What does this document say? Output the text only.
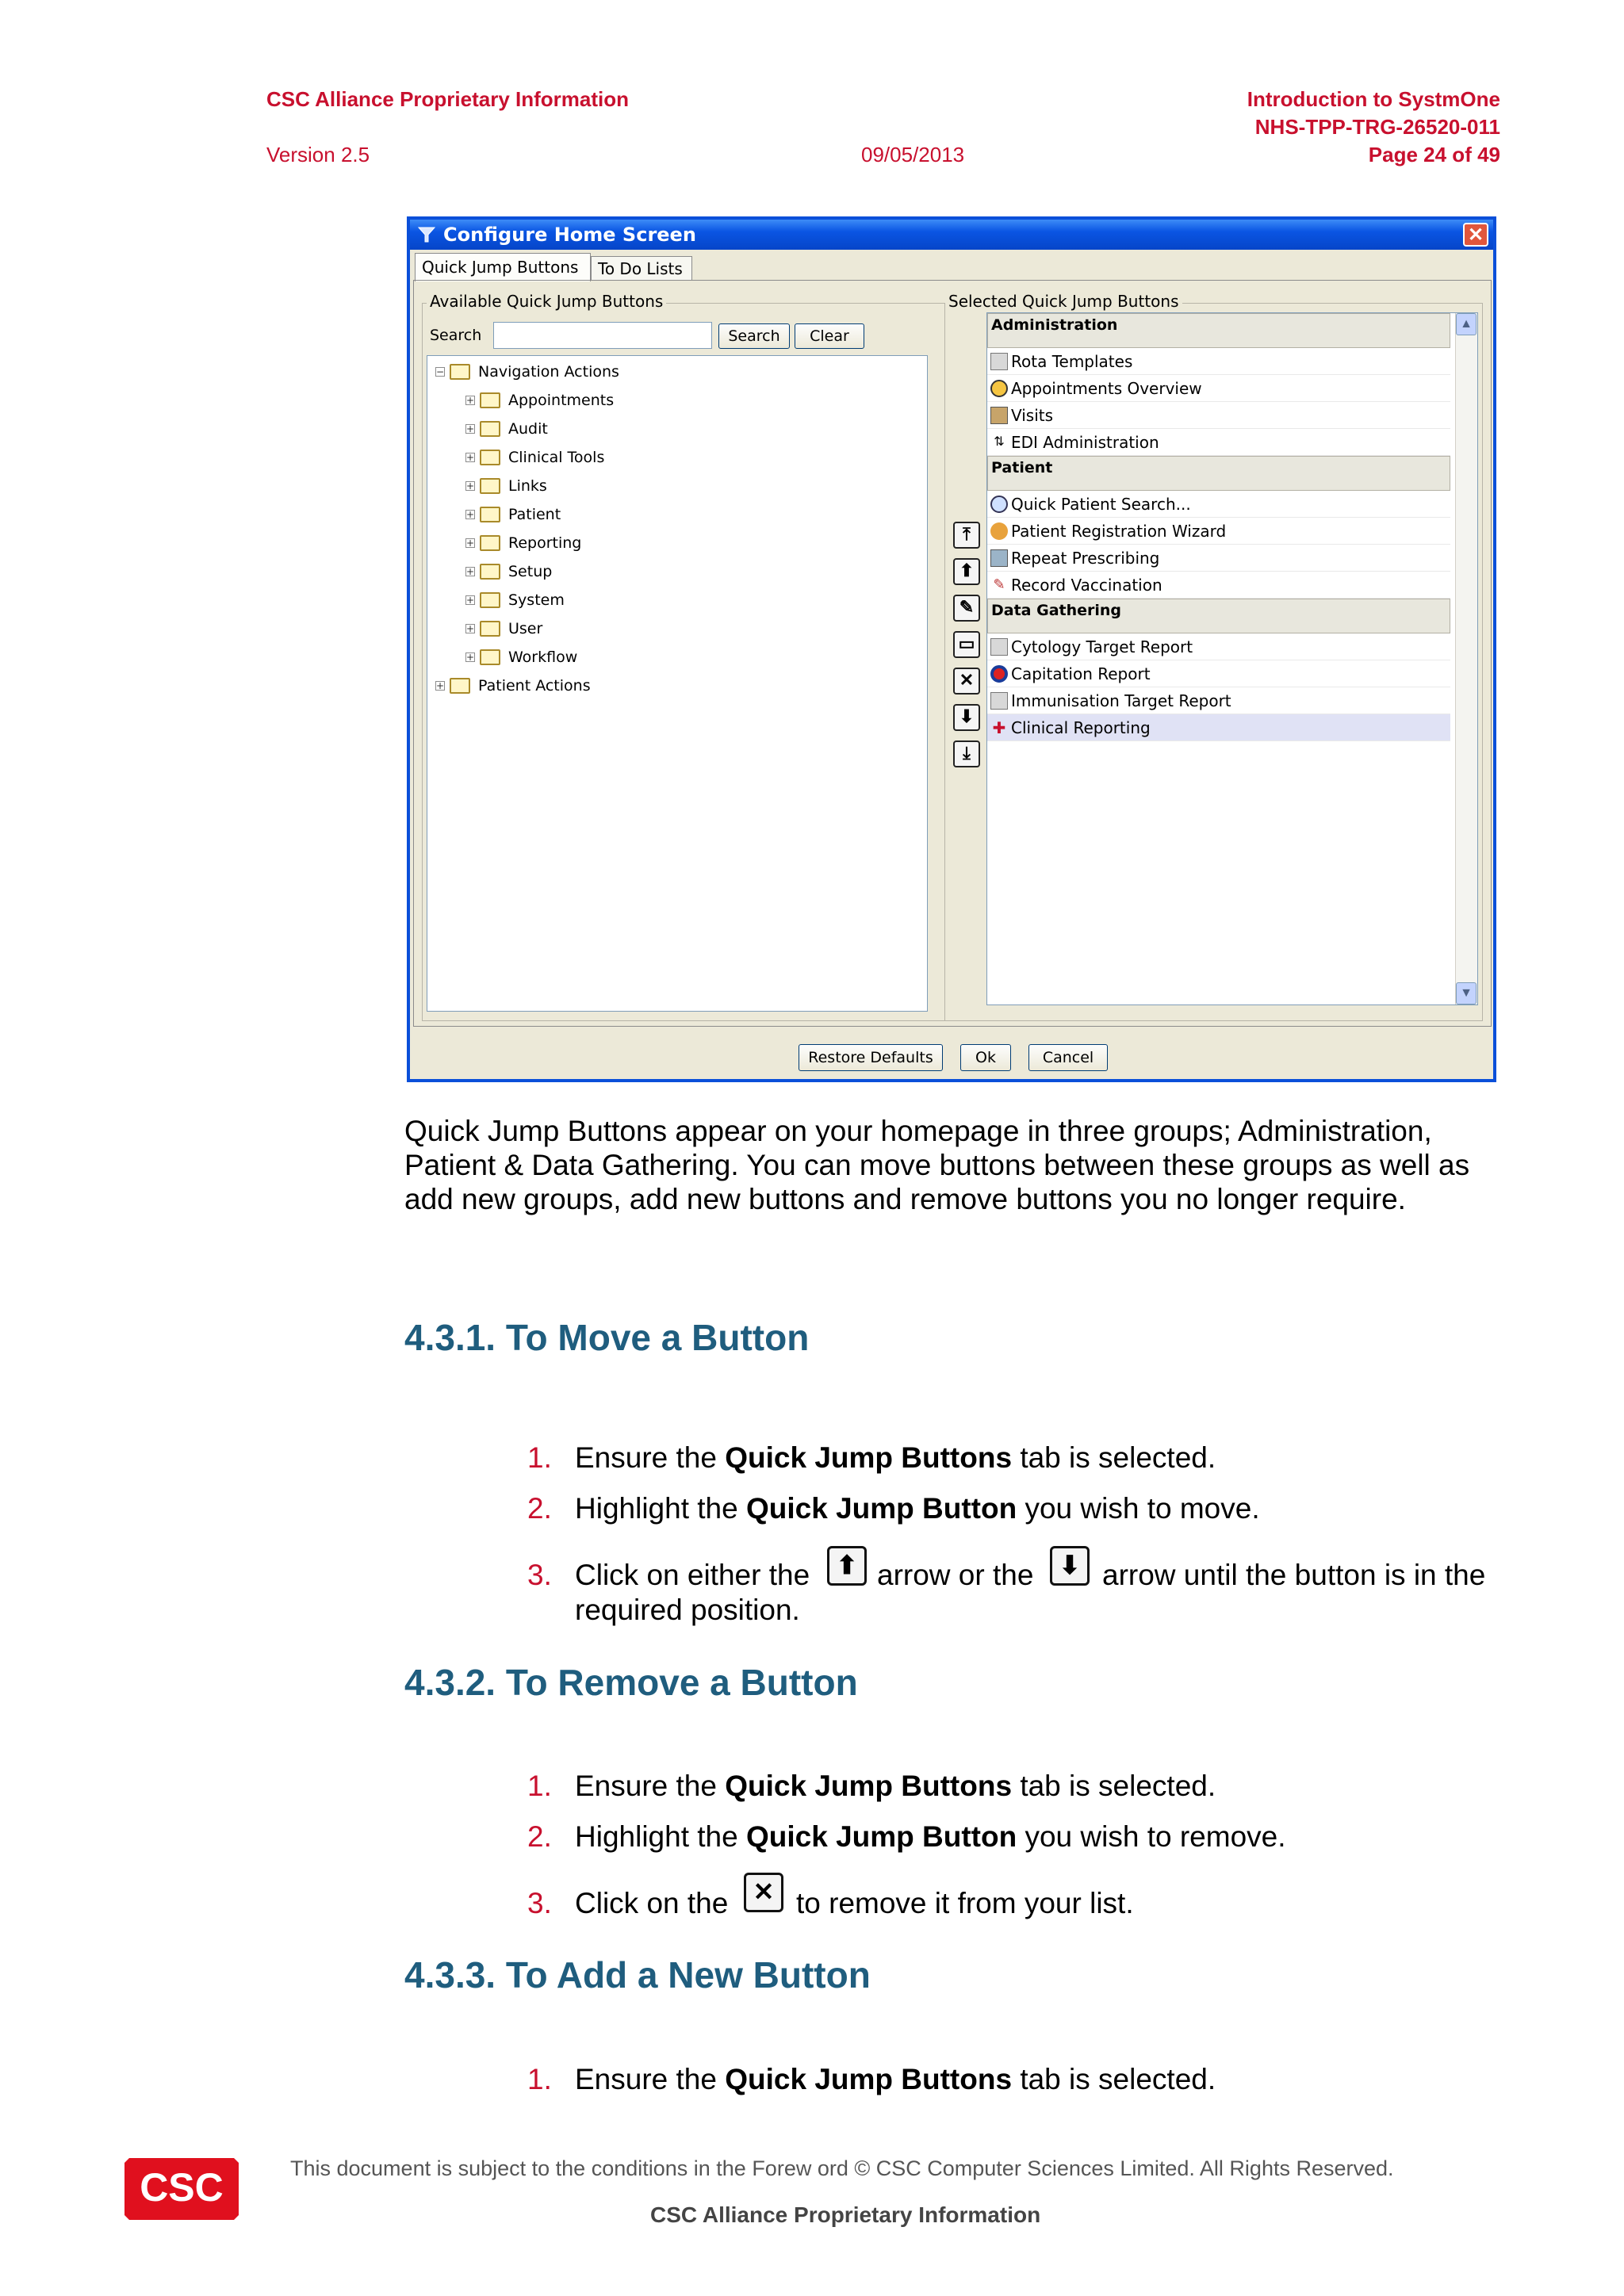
CSC Alliance Proprietary Information
Version 2.5	09/05/2013
Introduction to SystmOne
NHS-TPP-TRG-26520-011
Page 24 of 49
Configure Home Screen	✕
Quick Jump Buttons	To Do Lists
Available Quick Jump Buttons
Search	Search	Clear
− Navigation Actions
+ Appointments
+ Audit
+ Clinical Tools
+ Links
+ Patient
+ Reporting
+ Setup
+ System
+ User
+ Workflow
+ Patient Actions
Selected Quick Jump Buttons
⤒
⬆
✎
▭
✕
⬇
⤓
Administration
Rota Templates
Appointments Overview
Visits
⇅ EDI Administration
Patient
Quick Patient Search...
Patient Registration Wizard
Repeat Prescribing
✎ Record Vaccination
Data Gathering
Cytology Target Report
Capitation Report
Immunisation Target Report
✚ Clinical Reporting
▲
▼
Restore Defaults	Ok	Cancel
Quick Jump Buttons appear on your homepage in three groups; Administration, Patient & Data Gathering. You can move buttons between these groups as well as add new groups, add new buttons and remove buttons you no longer require.
4.3.1. To Move a Button
1. Ensure the Quick Jump Buttons tab is selected.
2. Highlight the Quick Jump Button you wish to move.
3. Click on either the	⬆ arrow or the	⬇ arrow until the button is in the
required position.
4.3.2. To Remove a Button
1. Ensure the Quick Jump Buttons tab is selected.
2. Highlight the Quick Jump Button you wish to remove.
3. Click on the ✕ to remove it from your list.
4.3.3. To Add a New Button
1. Ensure the Quick Jump Buttons tab is selected.
CSC	This document is subject to the conditions in the Forew ord © CSC Computer Sciences Limited. All Rights Reserved.
CSC Alliance Proprietary Information
